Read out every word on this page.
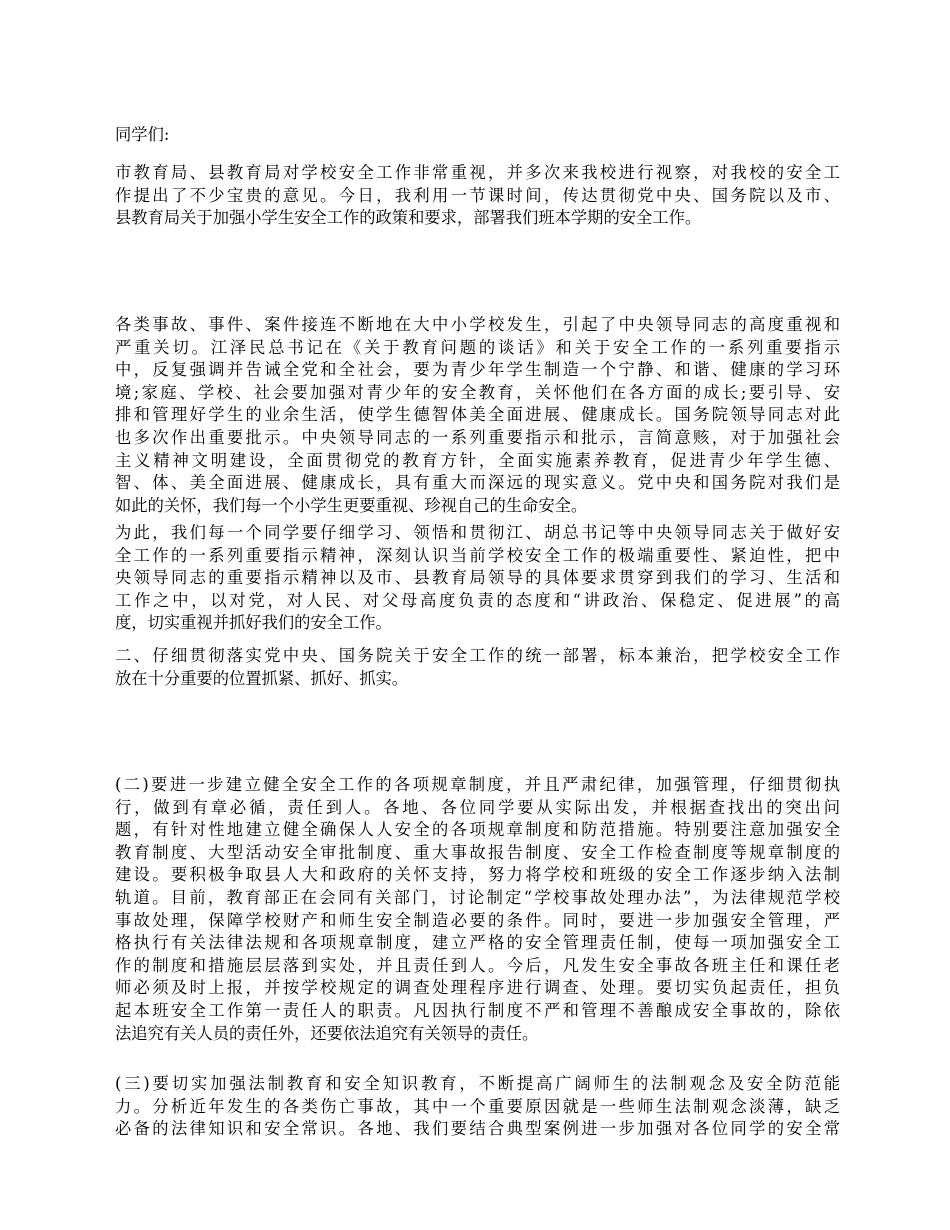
同学们:

市教育局、县教育局对学校安全工作非常重视，并多次来我校进行视察，对我校的安全工
作提出了不少宝贵的意见。今日，我利用一节课时间，传达贯彻党中央、国务院以及市、
县教育局关于加强小学生安全工作的政策和要求，部署我们班本学期的安全工作。

各类事故、事件、案件接连不断地在大中小学校发生，引起了中央领导同志的高度重视和
严重关切。江泽民总书记在《关于教育问题的谈话》和关于安全工作的一系列重要指示
中，反复强调并告诫全党和全社会，要为青少年学生制造一个宁静、和谐、健康的学习环
境;家庭、学校、社会要加强对青少年的安全教育，关怀他们在各方面的成长;要引导、安
排和管理好学生的业余生活，使学生德智体美全面进展、健康成长。国务院领导同志对此
也多次作出重要批示。中央领导同志的一系列重要指示和批示，言简意赅，对于加强社会
主义精神文明建设，全面贯彻党的教育方针，全面实施素养教育，促进青少年学生德、
智、体、美全面进展、健康成长，具有重大而深远的现实意义。党中央和国务院对我们是
如此的关怀，我们每一个小学生更要重视、珍视自己的生命安全。

为此，我们每一个同学要仔细学习、领悟和贯彻江、胡总书记等中央领导同志关于做好安
全工作的一系列重要指示精神，深刻认识当前学校安全工作的极端重要性、紧迫性，把中
央领导同志的重要指示精神以及市、县教育局领导的具体要求贯穿到我们的学习、生活和
工作之中，以对党，对人民、对父母高度负责的态度和“讲政治、保稳定、促进展”的高
度，切实重视并抓好我们的安全工作。

二、仔细贯彻落实党中央、国务院关于安全工作的统一部署，标本兼治，把学校安全工作
放在十分重要的位置抓紧、抓好、抓实。

(二)要进一步建立健全安全工作的各项规章制度，并且严肃纪律，加强管理，仔细贯彻执
行，做到有章必循，责任到人。各地、各位同学要从实际出发，并根据查找出的突出问
题，有针对性地建立健全确保人人安全的各项规章制度和防范措施。特别要注意加强安全
教育制度、大型活动安全审批制度、重大事故报告制度、安全工作检查制度等规章制度的
建设。要积极争取县人大和政府的关怀支持，努力将学校和班级的安全工作逐步纳入法制
轨道。目前，教育部正在会同有关部门，讨论制定“学校事故处理办法”，为法律规范学校
事故处理，保障学校财产和师生安全制造必要的条件。同时，要进一步加强安全管理，严
格执行有关法律法规和各项规章制度，建立严格的安全管理责任制，使每一项加强安全工
作的制度和措施层层落到实处，并且责任到人。今后，凡发生安全事故各班主任和课任老
师必须及时上报，并按学校规定的调查处理程序进行调查、处理。要切实负起责任，担负
起本班安全工作第一责任人的职责。凡因执行制度不严和管理不善酿成安全事故的，除依
法追究有关人员的责任外，还要依法追究有关领导的责任。

(三)要切实加强法制教育和安全知识教育，不断提高广阔师生的法制观念及安全防范能
力。分析近年发生的各类伤亡事故，其中一个重要原因就是一些师生法制观念淡薄，缺乏
必备的法律知识和安全常识。各地、我们要结合典型案例进一步加强对各位同学的安全常
